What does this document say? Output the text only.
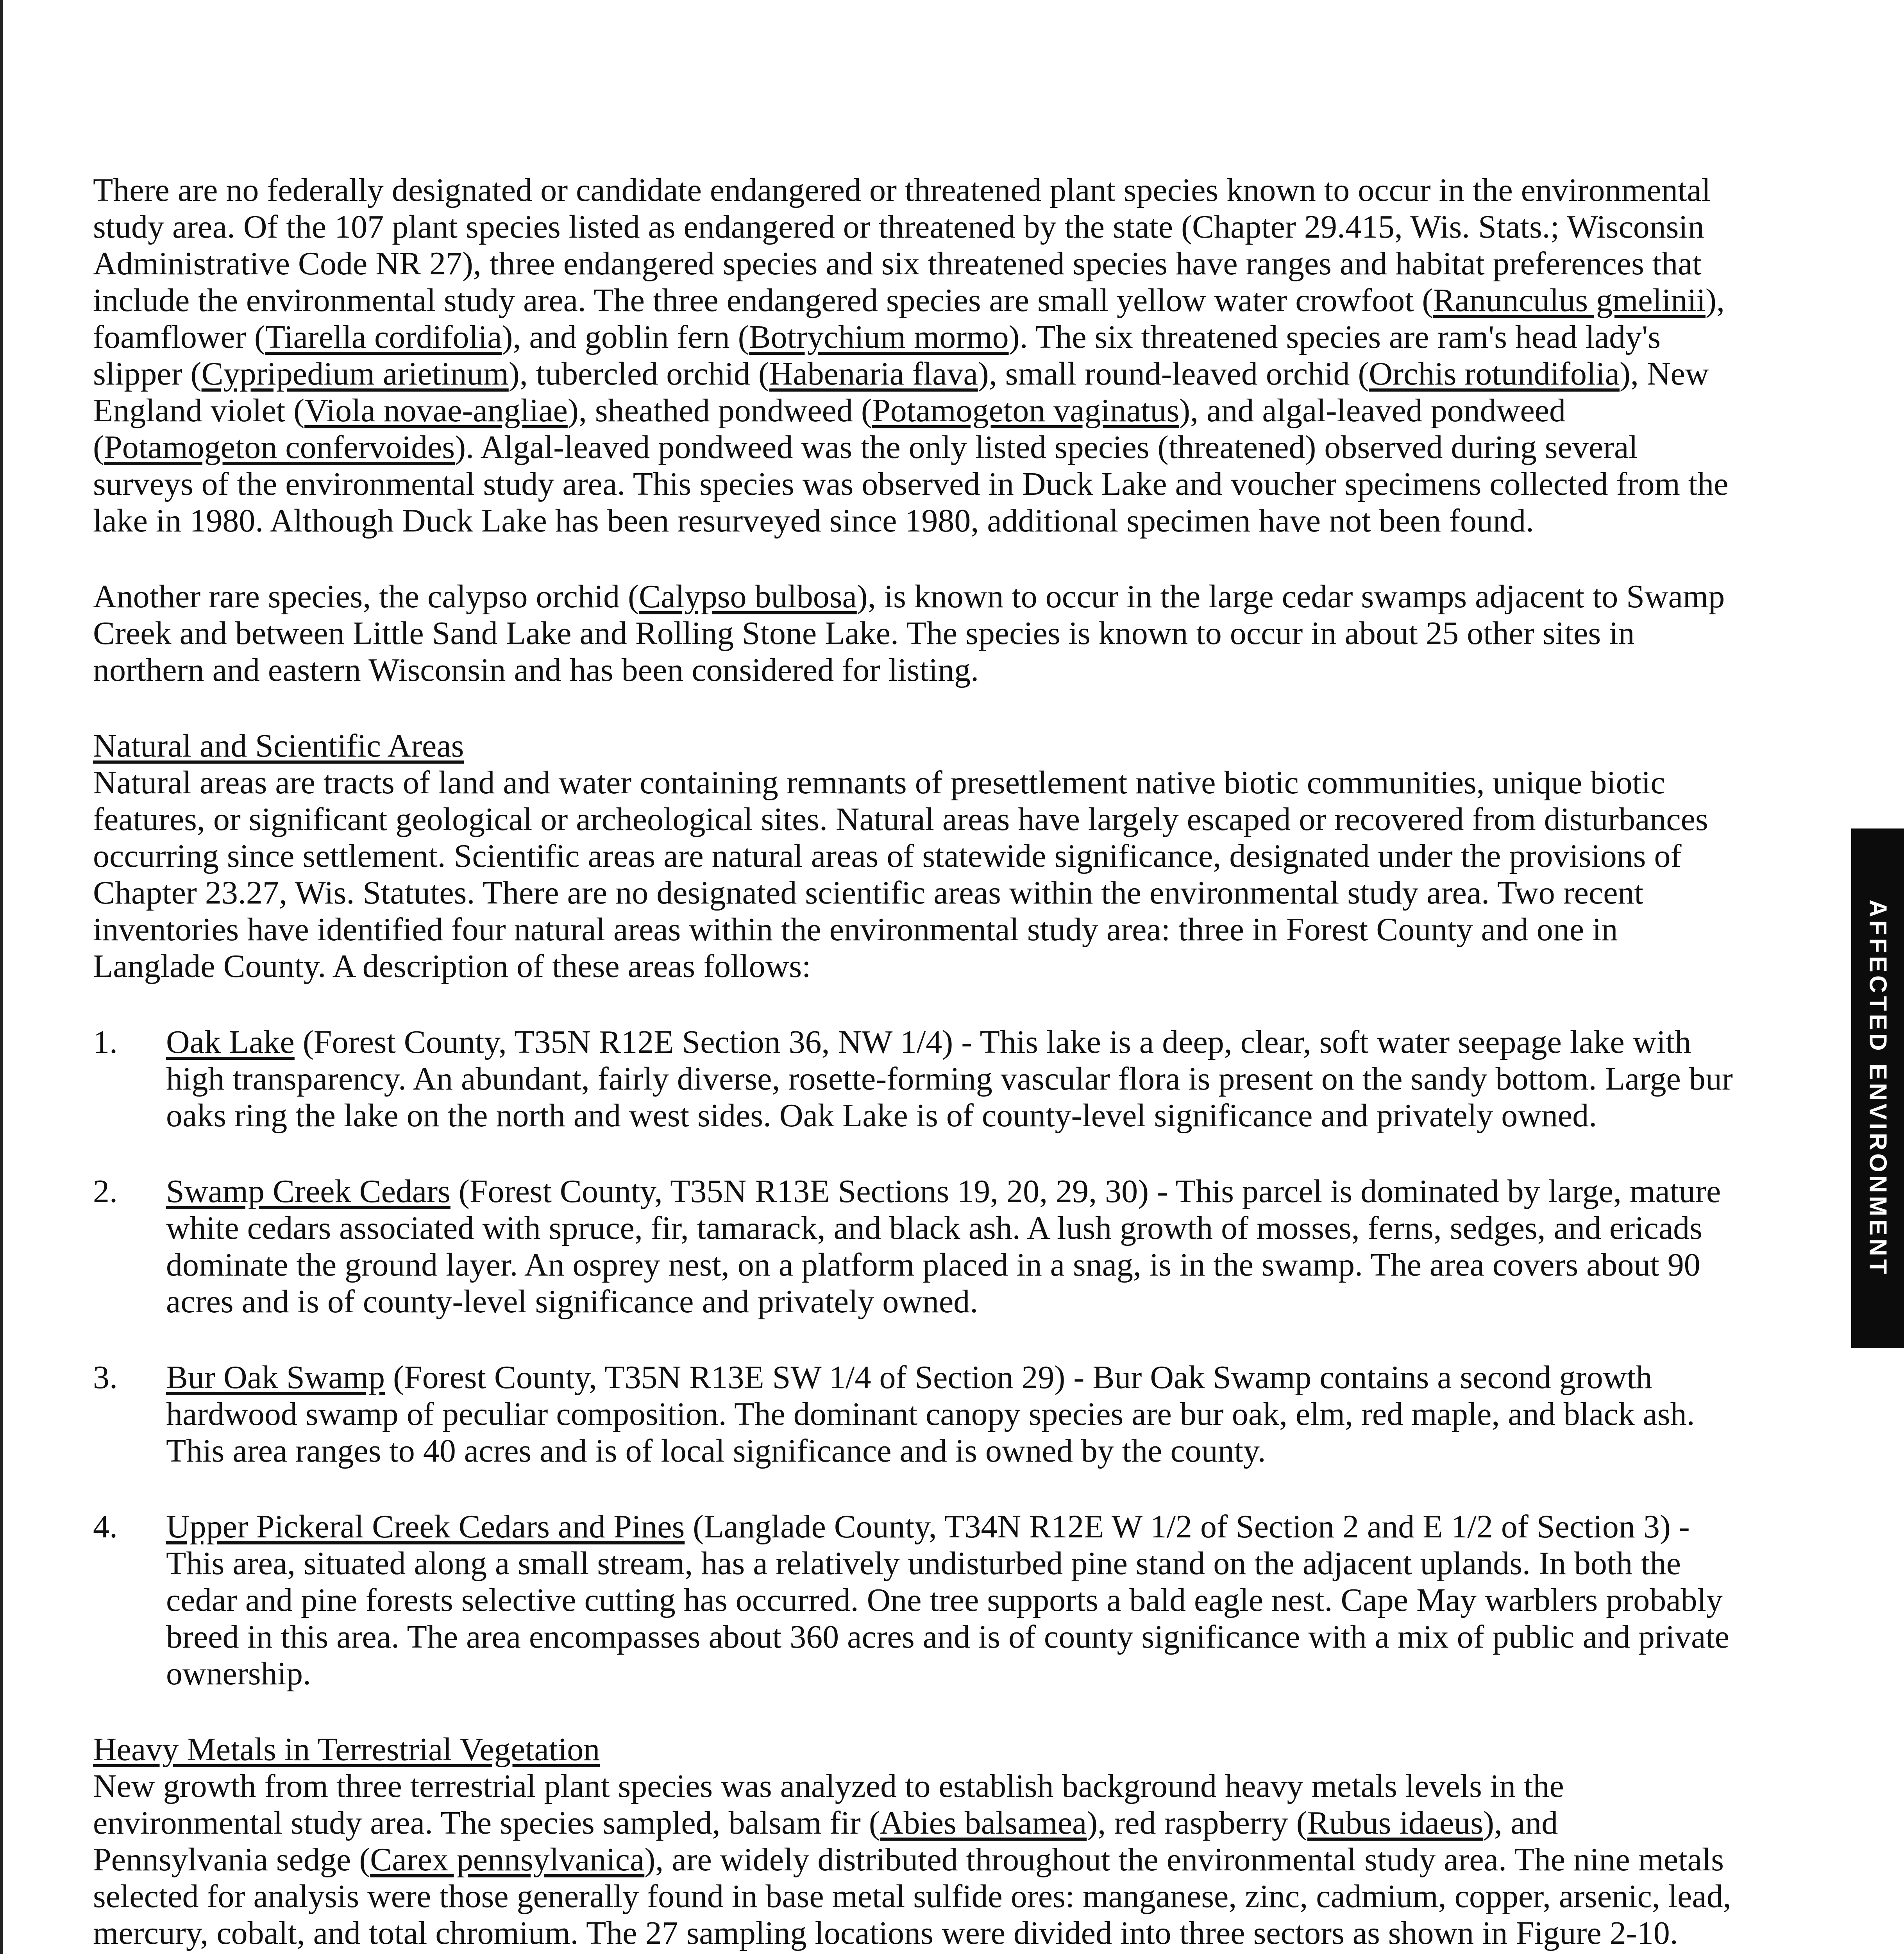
There are no federally designated or candidate endangered or threatened plant species known to occur in the environmental study area. Of the 107 plant species listed as endangered or threatened by the state (Chapter 29.415, Wis. Stats.; Wisconsin Administrative Code NR 27), three endangered species and six threatened species have ranges and habitat preferences that include the environmental study area. The three endangered species are small yellow water crowfoot (Ranunculus gmelinii), foamflower (Tiarella cordifolia), and goblin fern (Botrychium mormo). The six threatened species are ram's head lady's slipper (Cypripedium arietinum), tubercled orchid (Habenaria flava), small round-leaved orchid (Orchis rotundifolia), New England violet (Viola novae-angliae), sheathed pondweed (Potamogeton vaginatus), and algal-leaved pondweed (Potamogeton confervoides). Algal-leaved pondweed was the only listed species (threatened) observed during several surveys of the environmental study area. This species was observed in Duck Lake and voucher specimens collected from the lake in 1980. Although Duck Lake has been resurveyed since 1980, additional specimen have not been found.

Another rare species, the calypso orchid (Calypso bulbosa), is known to occur in the large cedar swamps adjacent to Swamp Creek and between Little Sand Lake and Rolling Stone Lake. The species is known to occur in about 25 other sites in northern and eastern Wisconsin and has been considered for listing.

Natural and Scientific Areas

Natural areas are tracts of land and water containing remnants of presettlement native biotic communities, unique biotic features, or significant geological or archeological sites. Natural areas have largely escaped or recovered from disturbances occurring since settlement. Scientific areas are natural areas of statewide significance, designated under the provisions of Chapter 23.27, Wis. Statutes. There are no designated scientific areas within the environmental study area. Two recent inventories have identified four natural areas within the environmental study area: three in Forest County and one in Langlade County. A description of these areas follows:

1. Oak Lake (Forest County, T35N R12E Section 36, NW 1/4) - This lake is a deep, clear, soft water seepage lake with high transparency. An abundant, fairly diverse, rosette-forming vascular flora is present on the sandy bottom. Large bur oaks ring the lake on the north and west sides. Oak Lake is of county-level significance and privately owned.
2. Swamp Creek Cedars (Forest County, T35N R13E Sections 19, 20, 29, 30) - This parcel is dominated by large, mature white cedars associated with spruce, fir, tamarack, and black ash. A lush growth of mosses, ferns, sedges, and ericads dominate the ground layer. An osprey nest, on a platform placed in a snag, is in the swamp. The area covers about 90 acres and is of county-level significance and privately owned.
3. Bur Oak Swamp (Forest County, T35N R13E SW 1/4 of Section 29) - Bur Oak Swamp contains a second growth hardwood swamp of peculiar composition. The dominant canopy species are bur oak, elm, red maple, and black ash. This area ranges to 40 acres and is of local significance and is owned by the county.
4. Upper Pickeral Creek Cedars and Pines (Langlade County, T34N R12E W 1/2 of Section 2 and E 1/2 of Section 3) - This area, situated along a small stream, has a relatively undisturbed pine stand on the adjacent uplands. In both the cedar and pine forests selective cutting has occurred. One tree supports a bald eagle nest. Cape May warblers probably breed in this area. The area encompasses about 360 acres and is of county significance with a mix of public and private ownership.

Heavy Metals in Terrestrial Vegetation

New growth from three terrestrial plant species was analyzed to establish background heavy metals levels in the environmental study area. The species sampled, balsam fir (Abies balsamea), red raspberry (Rubus idaeus), and Pennsylvania sedge (Carex pennsylvanica), are widely distributed throughout the environmental study area. The nine metals selected for analysis were those generally found in base metal sulfide ores: manganese, zinc, cadmium, copper, arsenic, lead, mercury, cobalt, and total chromium. The 27 sampling locations were divided into three sectors as shown in Figure 2-10.

AFFECTED ENVIRONMENT
